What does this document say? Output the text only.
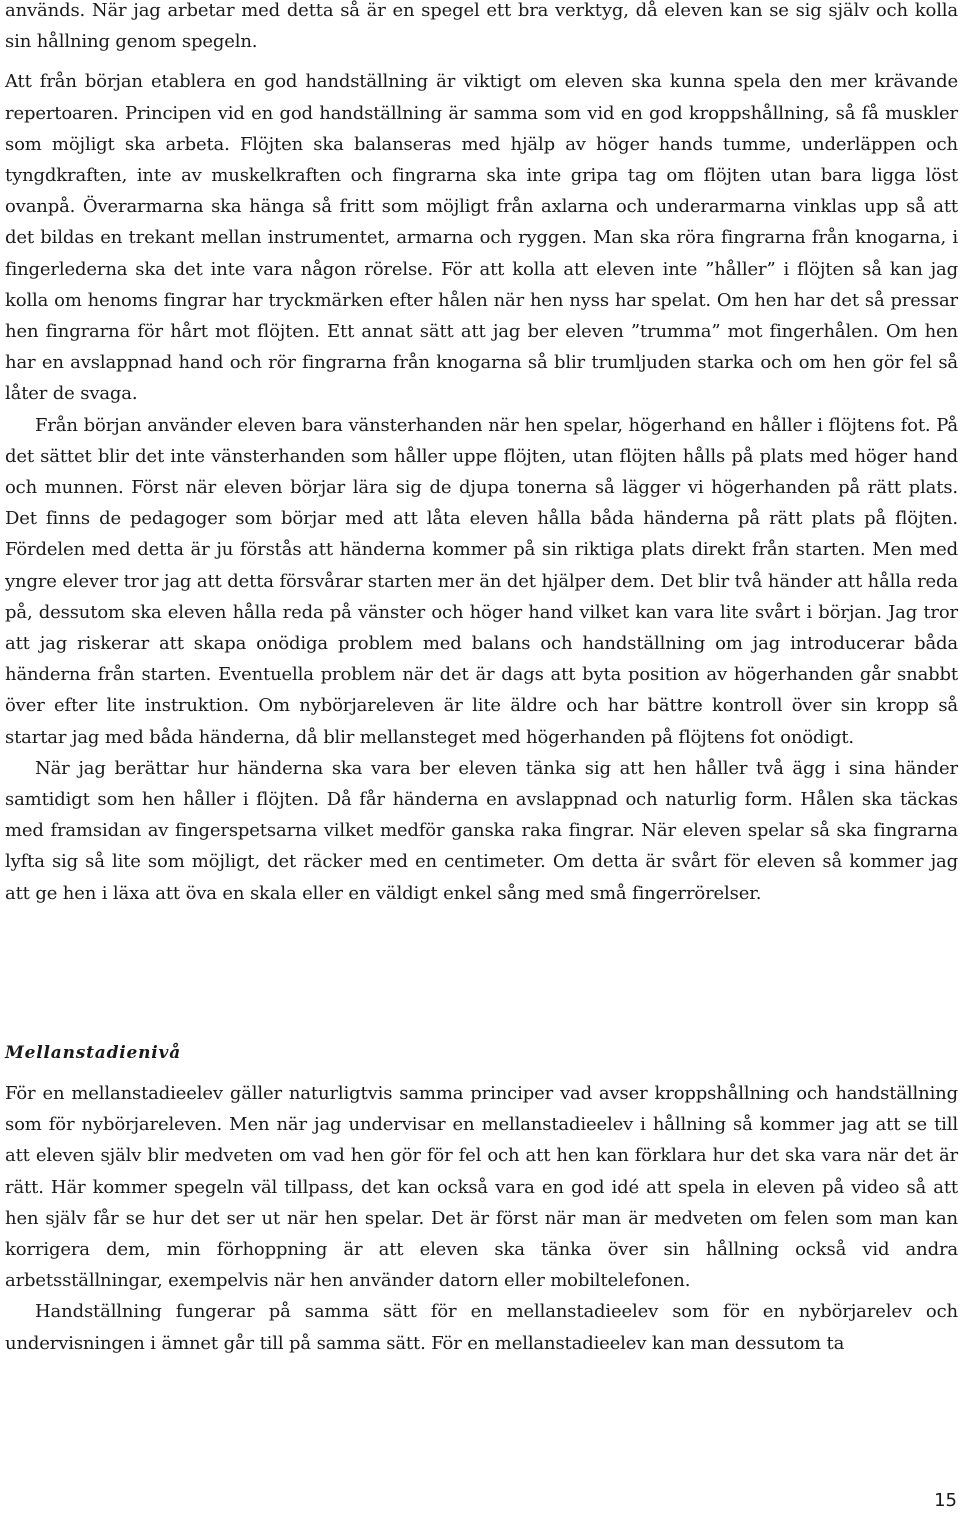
används. När jag arbetar med detta så är en spegel ett bra verktyg, då eleven kan se sig själv och kolla sin hållning genom spegeln.

Att från början etablera en god handställning är viktigt om eleven ska kunna spela den mer krävande repertoaren. Principen vid en god handställning är samma som vid en god kroppshållning, så få muskler som möjligt ska arbeta. Flöjten ska balanseras med hjälp av höger hands tumme, underläppen och tyngdkraften, inte av muskelkraften och fingrarna ska inte gripa tag om flöjten utan bara ligga löst ovanpå. Överarmarna ska hänga så fritt som möjligt från axlarna och underarmarna vinklas upp så att det bildas en trekant mellan instrumentet, armarna och ryggen. Man ska röra fingrarna från knogarna, i fingerlederna ska det inte vara någon rörelse. För att kolla att eleven inte ”håller” i flöjten så kan jag kolla om henoms fingrar har tryckmärken efter hålen när hen nyss har spelat. Om hen har det så pressar hen fingrarna för hårt mot flöjten. Ett annat sätt att jag ber eleven ”trumma” mot fingerhålen. Om hen har en avslappnad hand och rör fingrarna från knogarna så blir trumljuden starka och om hen gör fel så låter de svaga.

Från början använder eleven bara vänsterhanden när hen spelar, högerhand en håller i flöjtens fot. På det sättet blir det inte vänsterhanden som håller uppe flöjten, utan flöjten hålls på plats med höger hand och munnen. Först när eleven börjar lära sig de djupa tonerna så lägger vi högerhanden på rätt plats. Det finns de pedagoger som börjar med att låta eleven hålla båda händerna på rätt plats på flöjten. Fördelen med detta är ju förstås att händerna kommer på sin riktiga plats direkt från starten. Men med yngre elever tror jag att detta försvårar starten mer än det hjälper dem. Det blir två händer att hålla reda på, dessutom ska eleven hålla reda på vänster och höger hand vilket kan vara lite svårt i början. Jag tror att jag riskerar att skapa onödiga problem med balans och handställning om jag introducerar båda händerna från starten. Eventuella problem när det är dags att byta position av högerhanden går snabbt över efter lite instruktion. Om nybörjareleven är lite äldre och har bättre kontroll över sin kropp så startar jag med båda händerna, då blir mellansteget med högerhanden på flöjtens fot onödigt.

När jag berättar hur händerna ska vara ber eleven tänka sig att hen håller två ägg i sina händer samtidigt som hen håller i flöjten. Då får händerna en avslappnad och naturlig form. Hålen ska täckas med framsidan av fingerspetsarna vilket medför ganska raka fingrar. När eleven spelar så ska fingrarna lyfta sig så lite som möjligt, det räcker med en centimeter. Om detta är svårt för eleven så kommer jag att ge hen i läxa att öva en skala eller en väldigt enkel sång med små fingerrörelser.

Mellanstadienivå

För en mellanstadieelev gäller naturligtvis samma principer vad avser kroppshållning och handställning som för nybörjareleven. Men när jag undervisar en mellanstadieelev i hållning så kommer jag att se till att eleven själv blir medveten om vad hen gör för fel och att hen kan förklara hur det ska vara när det är rätt. Här kommer spegeln väl tillpass, det kan också vara en god idé att spela in eleven på video så att hen själv får se hur det ser ut när hen spelar. Det är först när man är medveten om felen som man kan korrigera dem, min förhoppning är att eleven ska tänka över sin hållning också vid andra arbetsställningar, exempelvis när hen använder datorn eller mobiltelefonen.

Handställning fungerar på samma sätt för en mellanstadieelev som för en nybörjarelev och undervisningen i ämnet går till på samma sätt. För en mellanstadieelev kan man dessutom ta

15
